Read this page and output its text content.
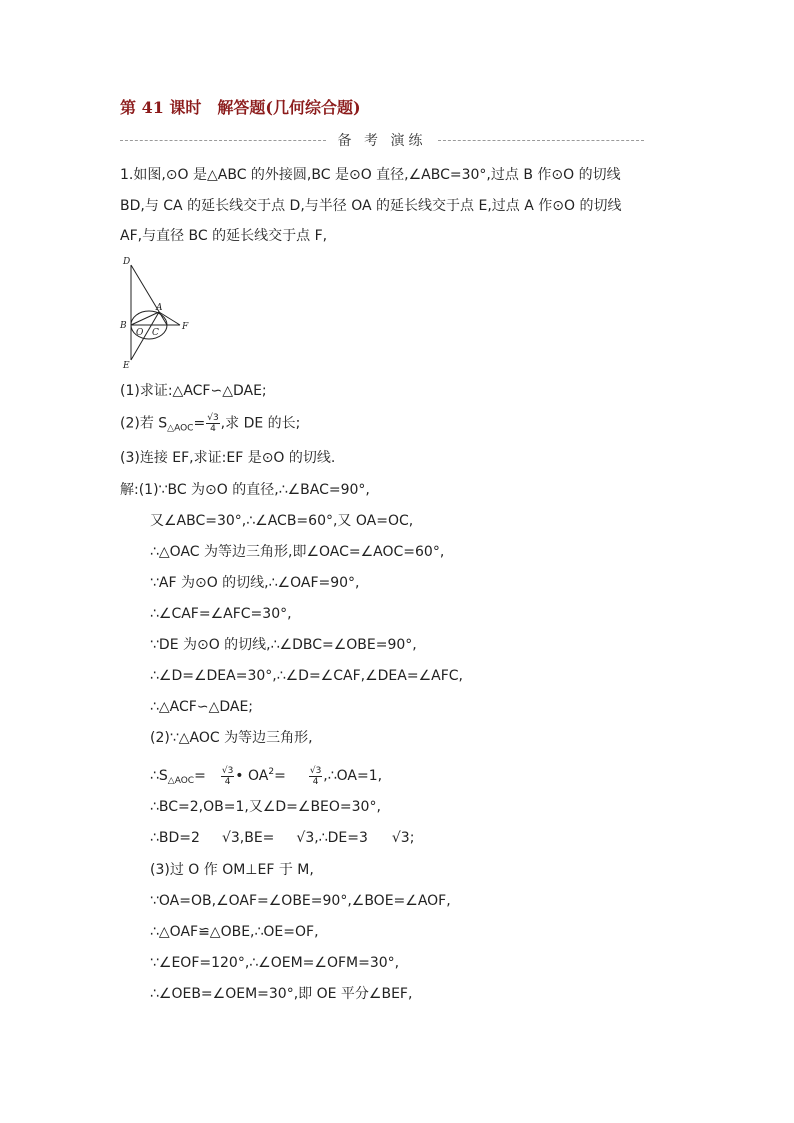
第 41 课时　解答题(几何综合题)
备 考 演练
1.如图,⊙O 是△ABC 的外接圆,BC 是⊙O 直径,∠ABC=30°,过点 B 作⊙O 的切线
BD,与 CA 的延长线交于点 D,与半径 OA 的延长线交于点 E,过点 A 作⊙O 的切线
AF,与直径 BC 的延长线交于点 F,
D
A
B
O C
F
E
(1)求证:△ACF∽△DAE;
(2)若 $S_{\triangle AOC}= \frac{√3}{4}$ ,求 DE 的长;
(3)连接 EF,求证:EF 是⊙O 的切线.
解:(1)∵BC 为⊙O 的直径,∴∠BAC=90°,
又∠ABC=30°,∴∠ACB=60°,又 OA=OC,
∴△OAC 为等边三角形,即∠OAC=∠AOC=60°,
∵AF 为⊙O 的切线,∴∠OAF=90°,
∴∠CAF=∠AFC=30°,
∵DE 为⊙O 的切线,∴∠DBC=∠OBE=90°,
∴∠D=∠DEA=30°,∴∠D=∠CAF,∠DEA=∠AFC,
∴△ACF∽△DAE;
(2)∵△AOC 为等边三角形,
$\therefore S_{\triangle AOC}= \frac{√3}{4}$ • $OA^2=$	$\frac{√3}{4}$ ,∴OA=1,
∴BC=2,OB=1,又∠D=∠BEO=30°,
∴BD=2 √3,BE= √3,∴DE=3 √3;
(3)过 O 作 OM⊥EF 于 M,
∵OA=OB,∠OAF=∠OBE=90°,∠BOE=∠AOF,
∴△OAF≌△OBE,∴OE=OF,
∵∠EOF=120°,∴∠OEM=∠OFM=30°,
∴∠OEB=∠OEM=30°,即 OE 平分∠BEF,
